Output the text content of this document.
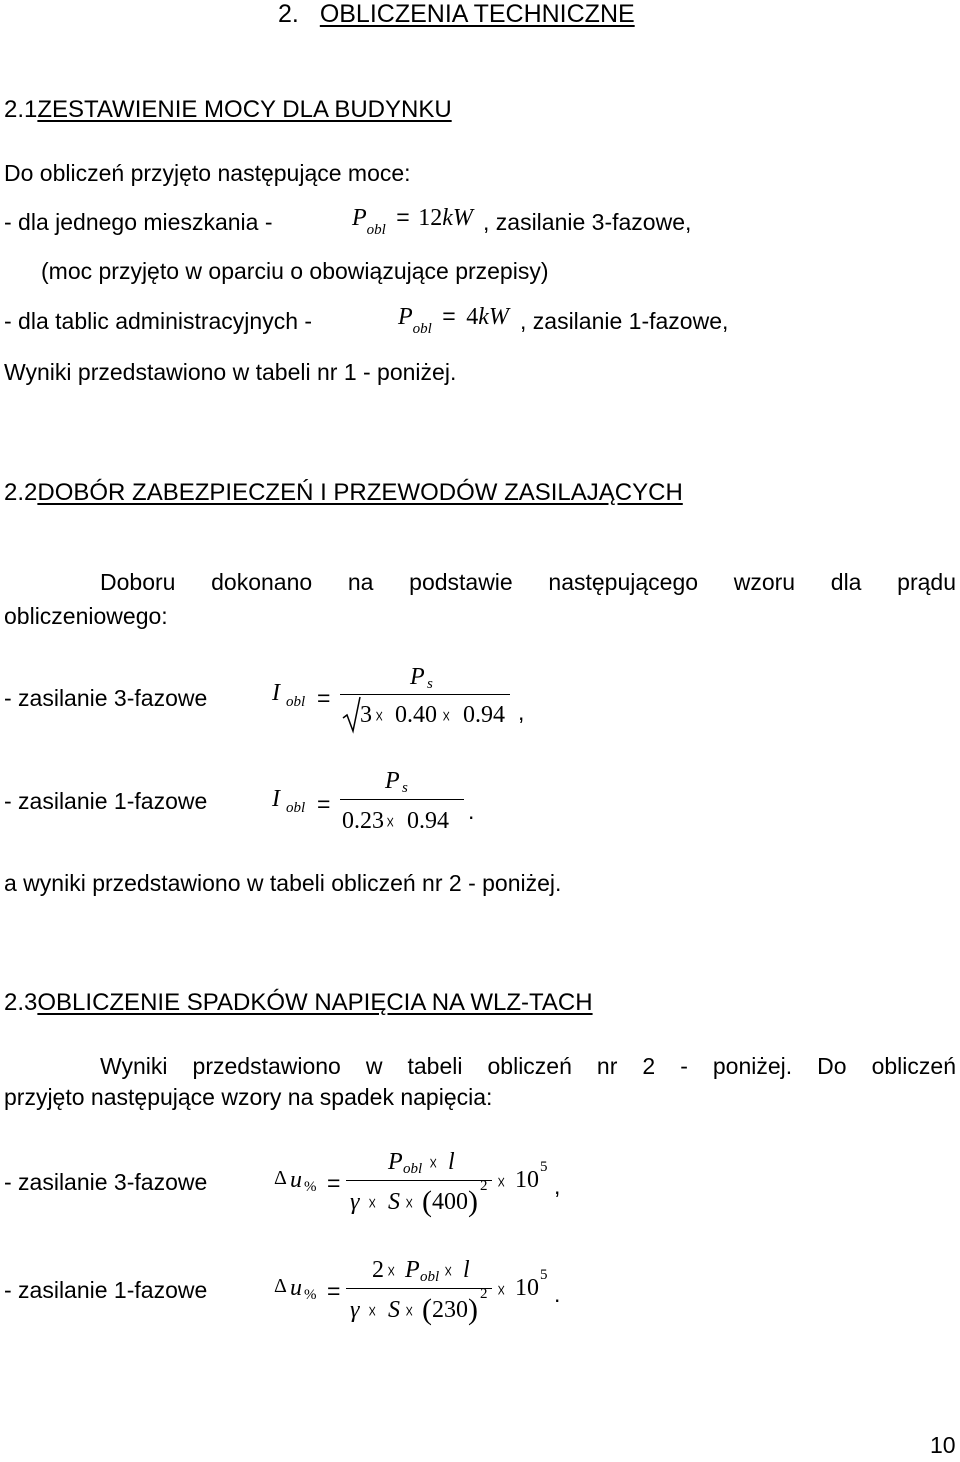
2. OBLICZENIA TECHNICZNE
2.1ZESTAWIENIE MOCY DLA BUDYNKU
Do obliczeń przyjęto następujące moce:
- dla jednego mieszkania -	Pobl = 12kW , zasilanie 3-fazowe,
(moc przyjęto w oparciu o obowiązujące przepisy)
- dla tablic administracyjnych -	Pobl = 4kW , zasilanie 1-fazowe,
Wyniki przedstawiono w tabeli nr 1 - poniżej.
2.2DOBÓR ZABEZPIECZEŃ I PRZEWODÓW ZASILAJĄCYCH
Doboru dokonano na podstawie następującego wzoru dla prądu
obliczeniowego:
- zasilanie 3-fazowe	I obl =
P s
3 ☓ 0.40 ☓ 0.94 ,
- zasilanie 1-fazowe	I obl =
P s
0.23 ☓ 0.94 .
a wyniki przedstawiono w tabeli obliczeń nr 2 - poniżej.
2.3OBLICZENIE SPADKÓW NAPIĘCIA NA WLZ-TACH
Wyniki przedstawiono w tabeli obliczeń nr 2 - poniżej. Do obliczeń
przyjęto następujące wzory na spadek napięcia:
- zasilanie 3-fazowe	Δ u % =
P obl ☓ l
γ ☓ S ☓ ( 400 ) 2 ☓ 10 5
,
- zasilanie 1-fazowe	Δ u % =
2 ☓ P obl ☓ l
γ ☓ S ☓ ( 230 ) 2 ☓ 10 5
.
10
